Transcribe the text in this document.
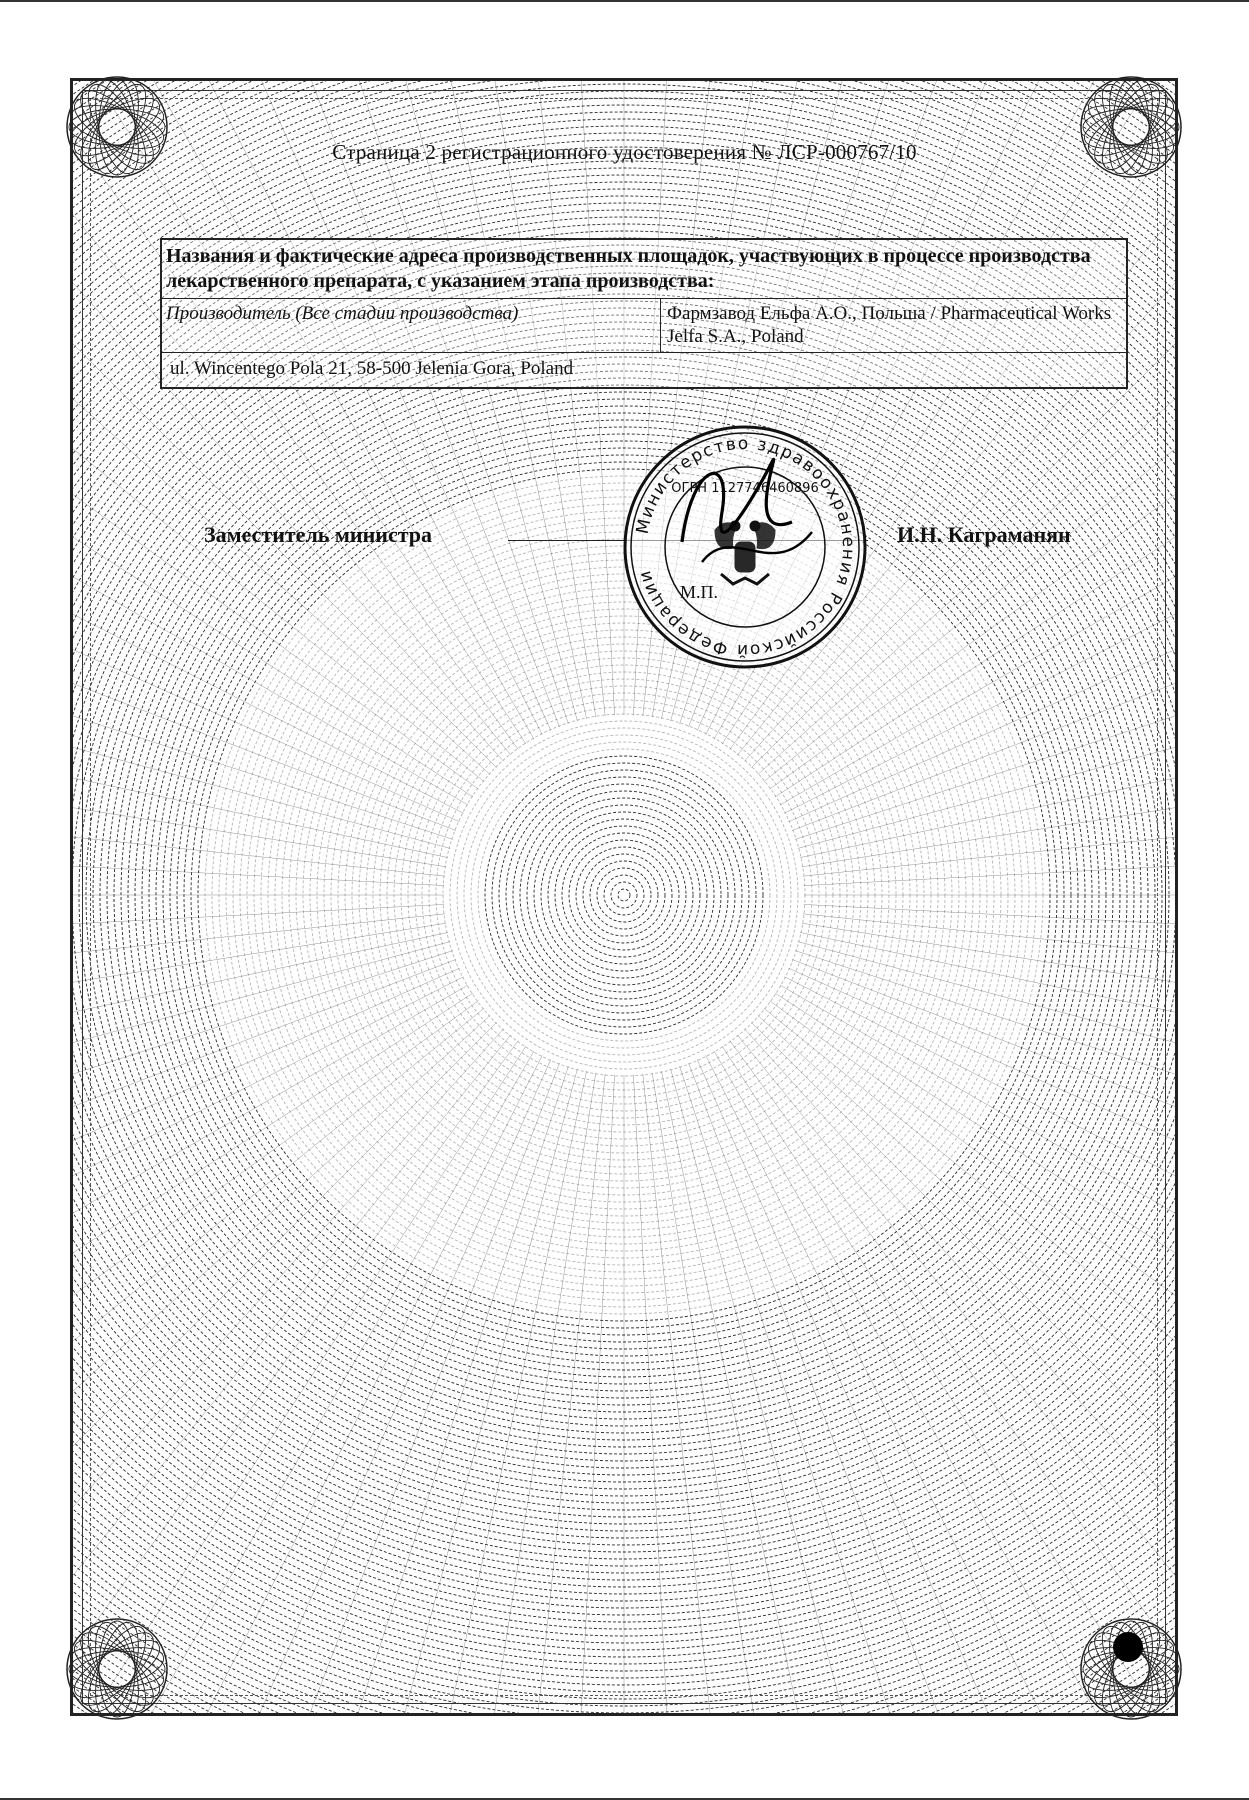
Страница 2 регистрационного удостоверения № ЛСР-000767/10
Названия и фактические адреса производственных площадок, участвующих в процессе производства лекарственного препарата, с указанием этапа производства:
Производитель (Все стадии производства)	Фармзавод Ельфа А.О., Польша / Pharmaceutical Works Jelfa S.A., Poland
ul. Wincentego Pola 21, 58-500 Jelenia Gora, Poland
Заместитель министра	И.Н. Каграманян
Министерство здравоохранения Российской Федерации
ОГРН 1127746460896
М.П.
